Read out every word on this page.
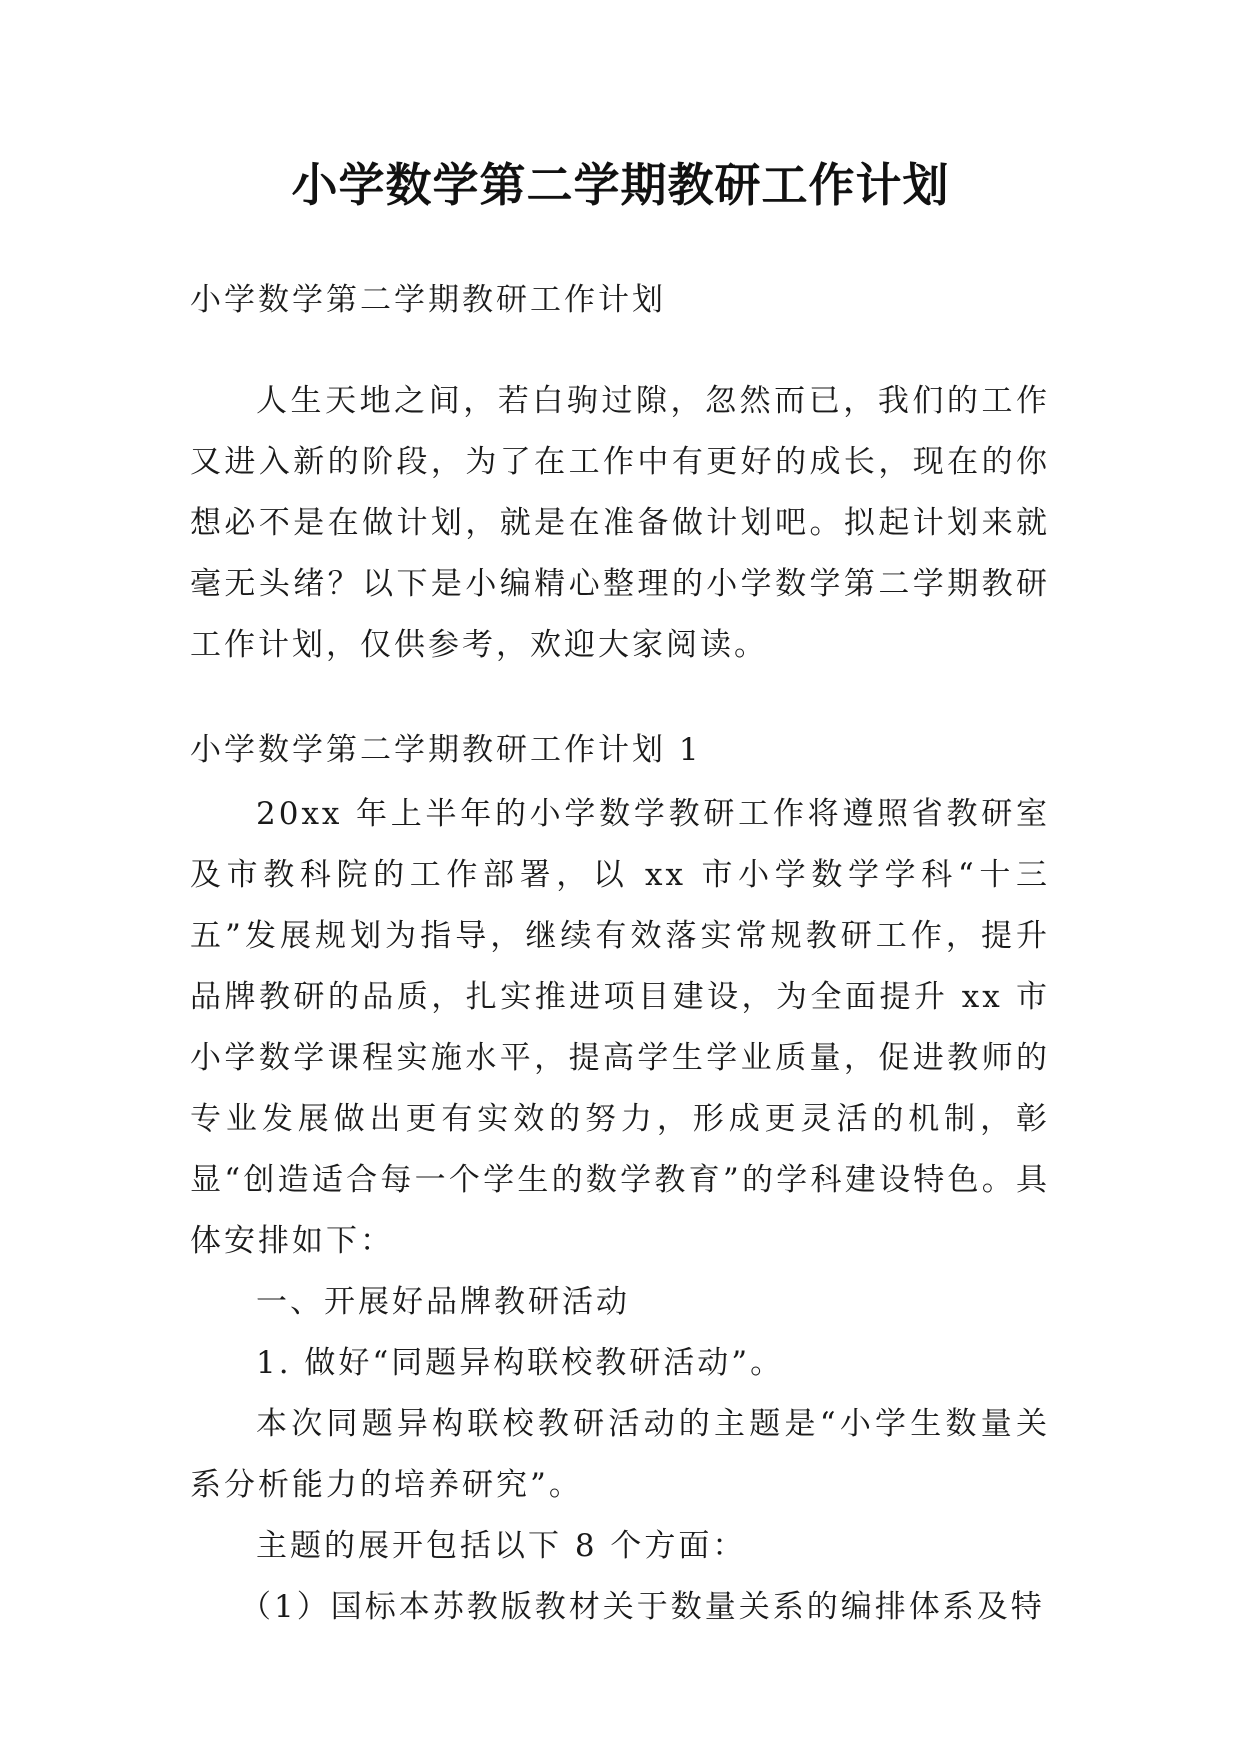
小学数学第二学期教研工作计划

小学数学第二学期教研工作计划

人生天地之间，若白驹过隙，忽然而已，我们的工作又进入新的阶段，为了在工作中有更好的成长，现在的你想必不是在做计划，就是在准备做计划吧。拟起计划来就毫无头绪？以下是小编精心整理的小学数学第二学期教研工作计划，仅供参考，欢迎大家阅读。

小学数学第二学期教研工作计划 1

20xx 年上半年的小学数学教研工作将遵照省教研室及市教科院的工作部署，以 xx 市小学数学学科“十三五”发展规划为指导，继续有效落实常规教研工作，提升品牌教研的品质，扎实推进项目建设，为全面提升 xx 市小学数学课程实施水平，提高学生学业质量，促进教师的专业发展做出更有实效的努力，形成更灵活的机制，彰显“创造适合每一个学生的数学教育”的学科建设特色。具体安排如下：

一、开展好品牌教研活动

1. 做好“同题异构联校教研活动”。

本次同题异构联校教研活动的主题是“小学生数量关系分析能力的培养研究”。

主题的展开包括以下 8 个方面：

（1）国标本苏教版教材关于数量关系的编排体系及特
